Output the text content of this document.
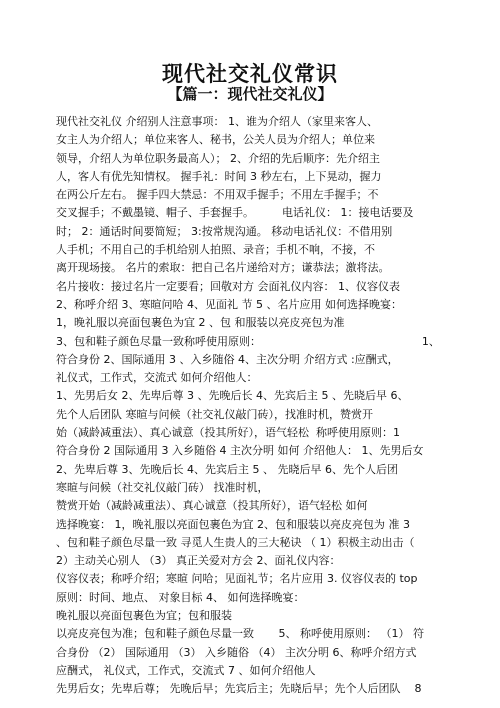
现代社交礼仪常识
【篇一：现代社交礼仪】
现代社交礼仪 介绍别人注意事项： 1、谁为介绍人（家里来客人、
女主人为介绍人；单位来客人、秘书，公关人员为介绍人；单位来
领导，介绍人为单位职务最高人）； 2、介绍的先后顺序：先介绍主
人，客人有优先知情权。 握手礼：时间 3 秒左右，上下晃动，握力
在两公斤左右。 握手四大禁忌：不用双手握手；不用左手握手；不
交叉握手；不戴墨镜、帽子、手套握手。        电话礼仪： 1：接电话要及
时； 2：通话时间要简短； 3:按常规沟通。 移动电话礼仪：不借用别
人手机；不用自己的手机给别人拍照、录音；手机不响，不接，不
离开现场接。 名片的索取：把自己名片递给对方；谦恭法；激将法。
名片接收：接过名片一定要看；回敬对方 会面礼仪内容： 1、仪容仪表
2、称呼介绍 3、寒暄问哈 4、见面礼 节 5 、名片应用 如何选择晚宴：
1，晚礼服以亮面包裹色为宜 2 、包 和服装以亮皮亮包为准
3、包和鞋子颜色尽量一致称呼使用原则：                                              1、
符合身份 2、国际通用 3 、入乡随俗 4、主次分明 介绍方式 :应酬式，
礼仪式，工作式，交流式 如何介绍他人：
1、先男后女 2、先卑后尊 3 、先晚后长 4、先宾后主 5 、先晓后早 6、
先个人后团队 寒暄与问候（社交礼仪敲门砖），找准时机，赞赏开
始（减龄减重法）、真心诚意（投其所好），语气轻松  称呼使用原则：1
符合身份 2 国际通用 3 入乡随俗 4 主次分明 如何 介绍他人： 1、先男后女
2、先卑后尊 3、先晚后长 4、先宾后主 5 、 先晓后早 6、先个人后团
寒暄与问候（社交礼仪敲门砖） 找准时机，
赞赏开始（减龄减重法）、真心诚意（投其所好），语气轻松 如何
选择晚宴： 1，晚礼服以亮面包裹色为宜 2、包和服装以亮皮亮包为 准 3
、包和鞋子颜色尽量一致 寻觅人生贵人的三大秘诀 （ 1）积极主动出击（
2）主动关心别人 （3） 真正关爱对方会 2、面礼仪内容：
仪容仪表；称呼介绍；寒暄 问哈；见面礼节；名片应用 3. 仪容仪表的 top
原则：时间、地点、 对象目标 4、 如何选择晚宴：
晚礼服以亮面包裹色为宜；包和服装
以亮皮亮包为准；包和鞋子颜色尽量一致       5、 称呼使用原则： （1） 符
合身份 （2） 国际通用 （3） 入乡随俗 （4） 主次分明 6、称呼介绍方式
应酬式， 礼仪式，工作式，交流式 7 、如何介绍他人
先男后女；先卑后尊； 先晚后早；先宾后主；先晓后早；先个人后团队    8
